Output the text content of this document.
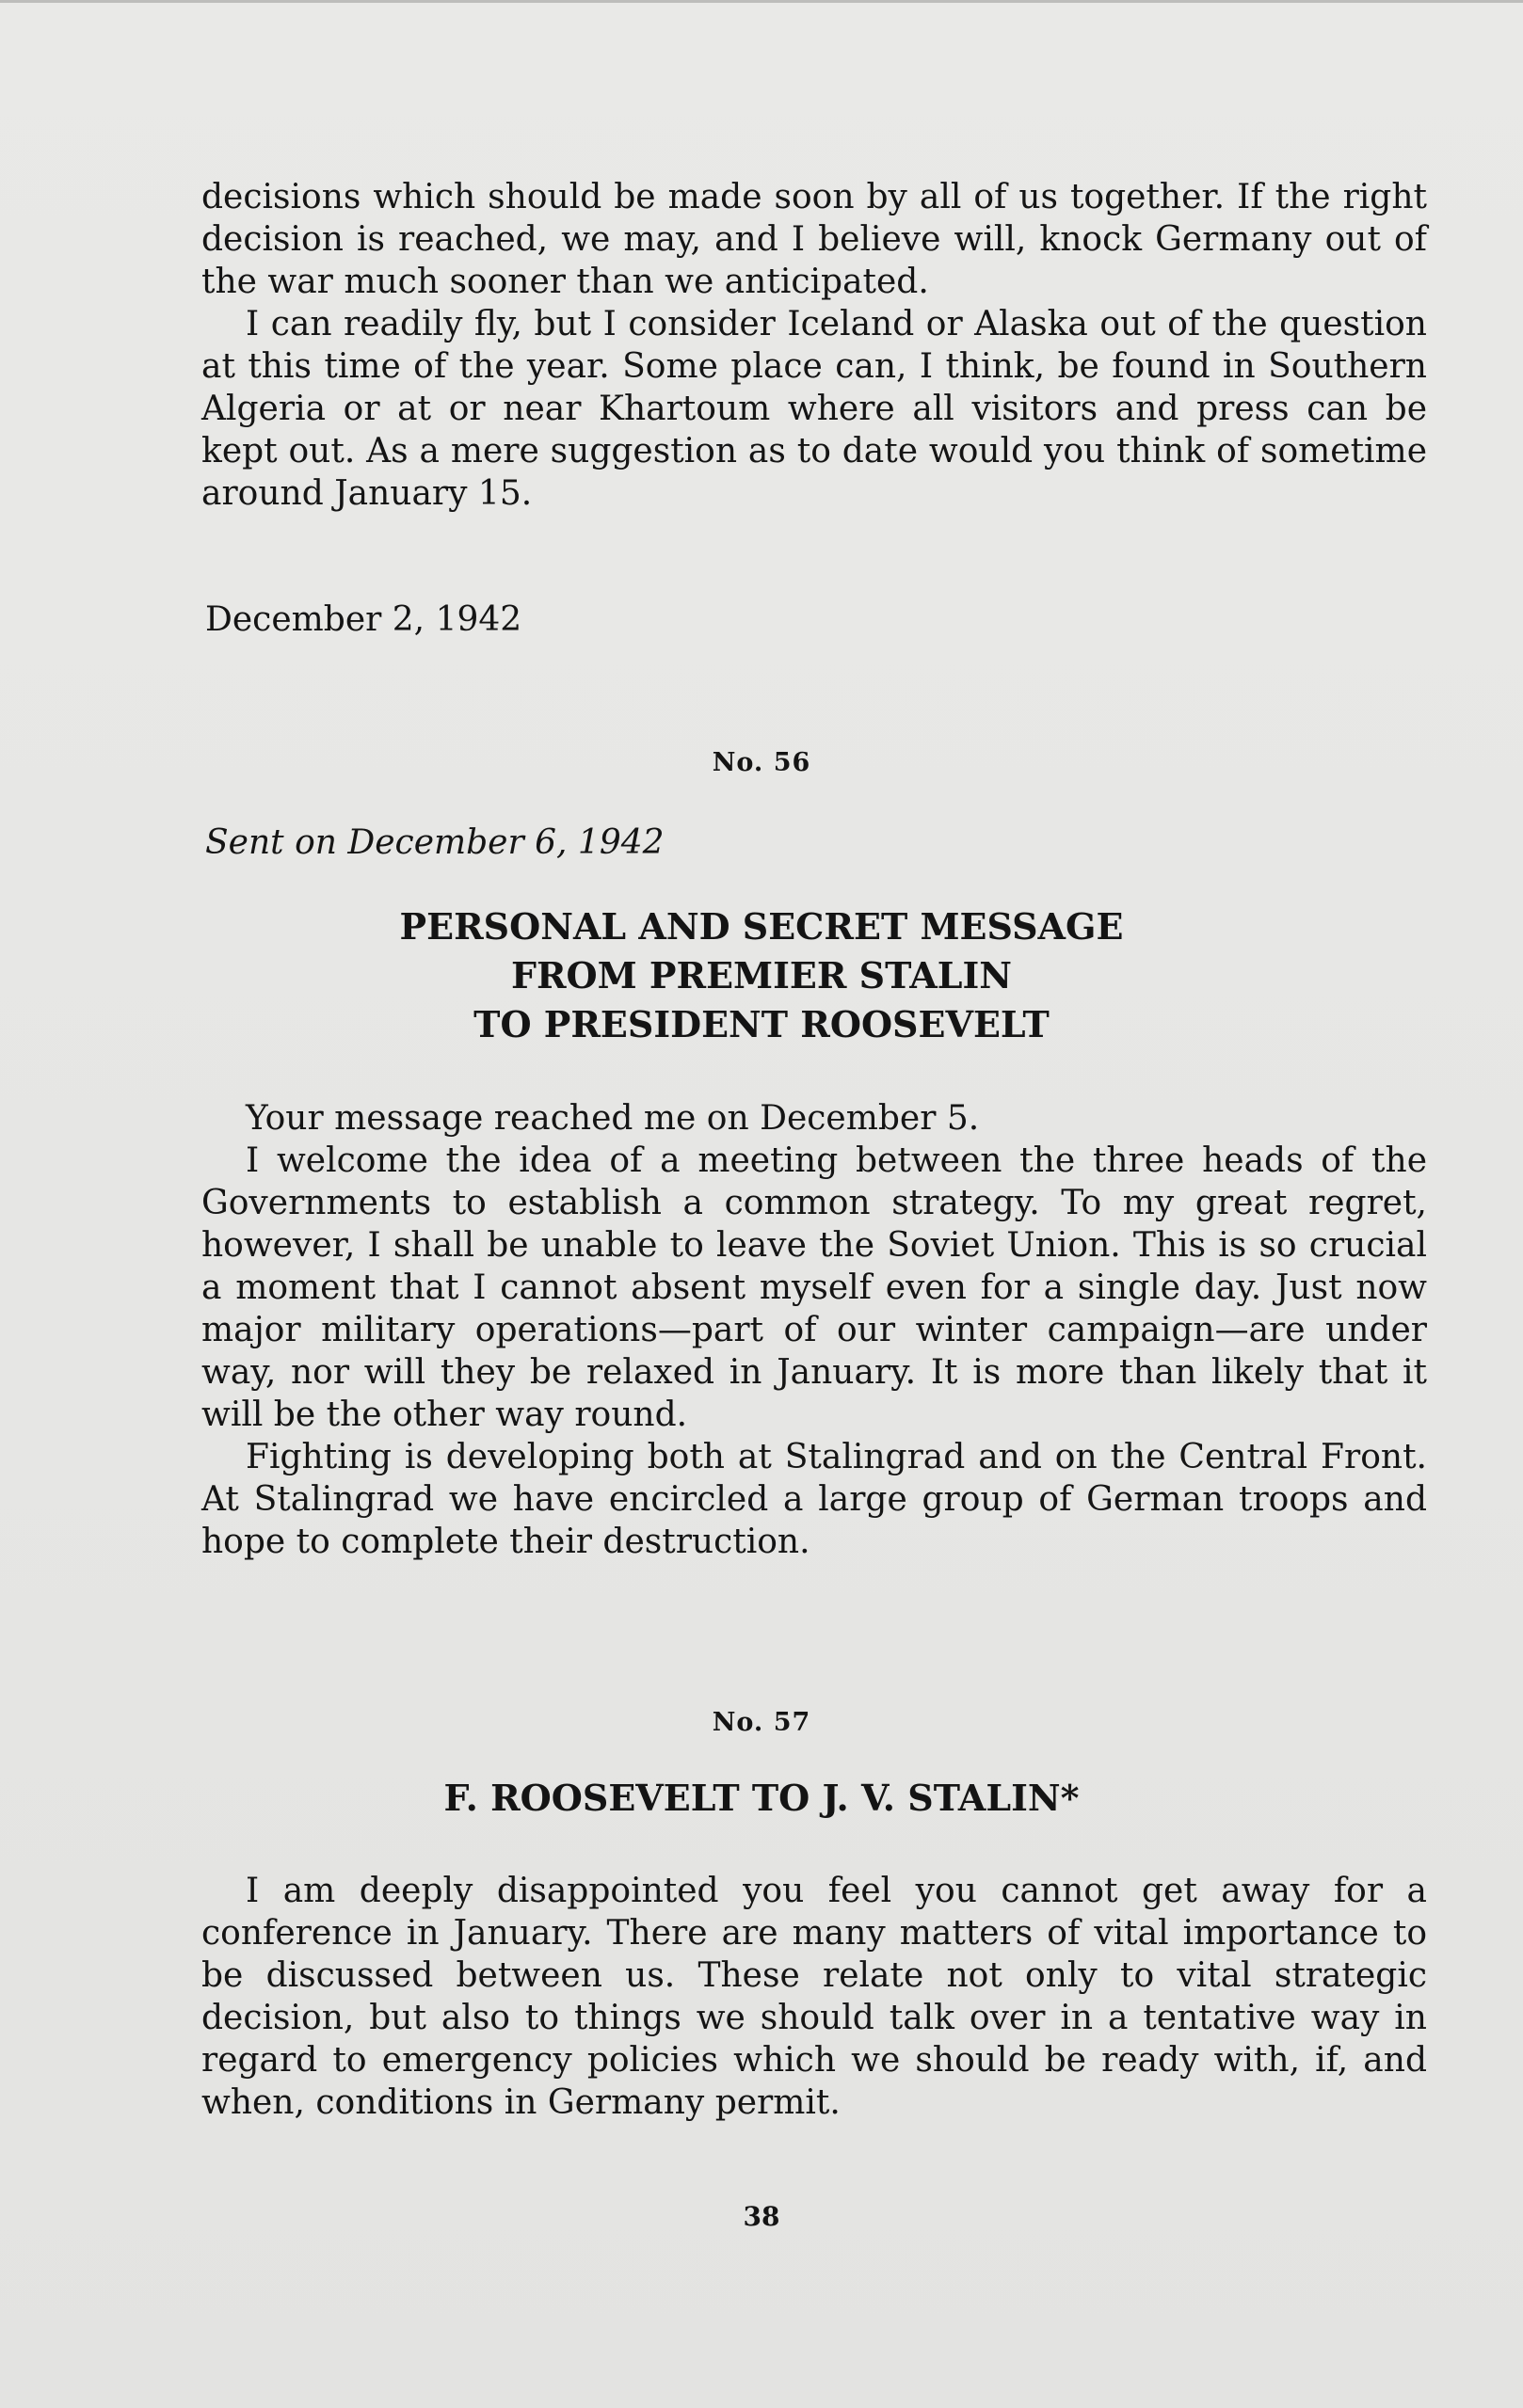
decisions which should be made soon by all of us together. If the right decision is reached, we may, and I believe will, knock Germany out of the war much sooner than we anticipated.

I can readily fly, but I consider Iceland or Alaska out of the question at this time of the year. Some place can, I think, be found in Southern Algeria or at or near Khartoum where all visitors and press can be kept out. As a mere suggestion as to date would you think of sometime around January 15.

December 2, 1942

No. 56

Sent on December 6, 1942

PERSONAL AND SECRET MESSAGE

FROM PREMIER STALIN

TO PRESIDENT ROOSEVELT

Your message reached me on December 5.

I welcome the idea of a meeting between the three heads of the Governments to establish a common strategy. To my great regret, however, I shall be unable to leave the Soviet Union. This is so crucial a moment that I cannot absent myself even for a single day. Just now major military operations—part of our winter campaign—are under way, nor will they be relaxed in January. It is more than likely that it will be the other way round.

Fighting is developing both at Stalingrad and on the Central Front. At Stalingrad we have encircled a large group of German troops and hope to complete their destruction.

No. 57

F. ROOSEVELT TO J. V. STALIN*

I am deeply disappointed you feel you cannot get away for a conference in January. There are many matters of vital importance to be discussed between us. These relate not only to vital strategic decision, but also to things we should talk over in a tentative way in regard to emergency policies which we should be ready with, if, and when, conditions in Germany permit.

38
